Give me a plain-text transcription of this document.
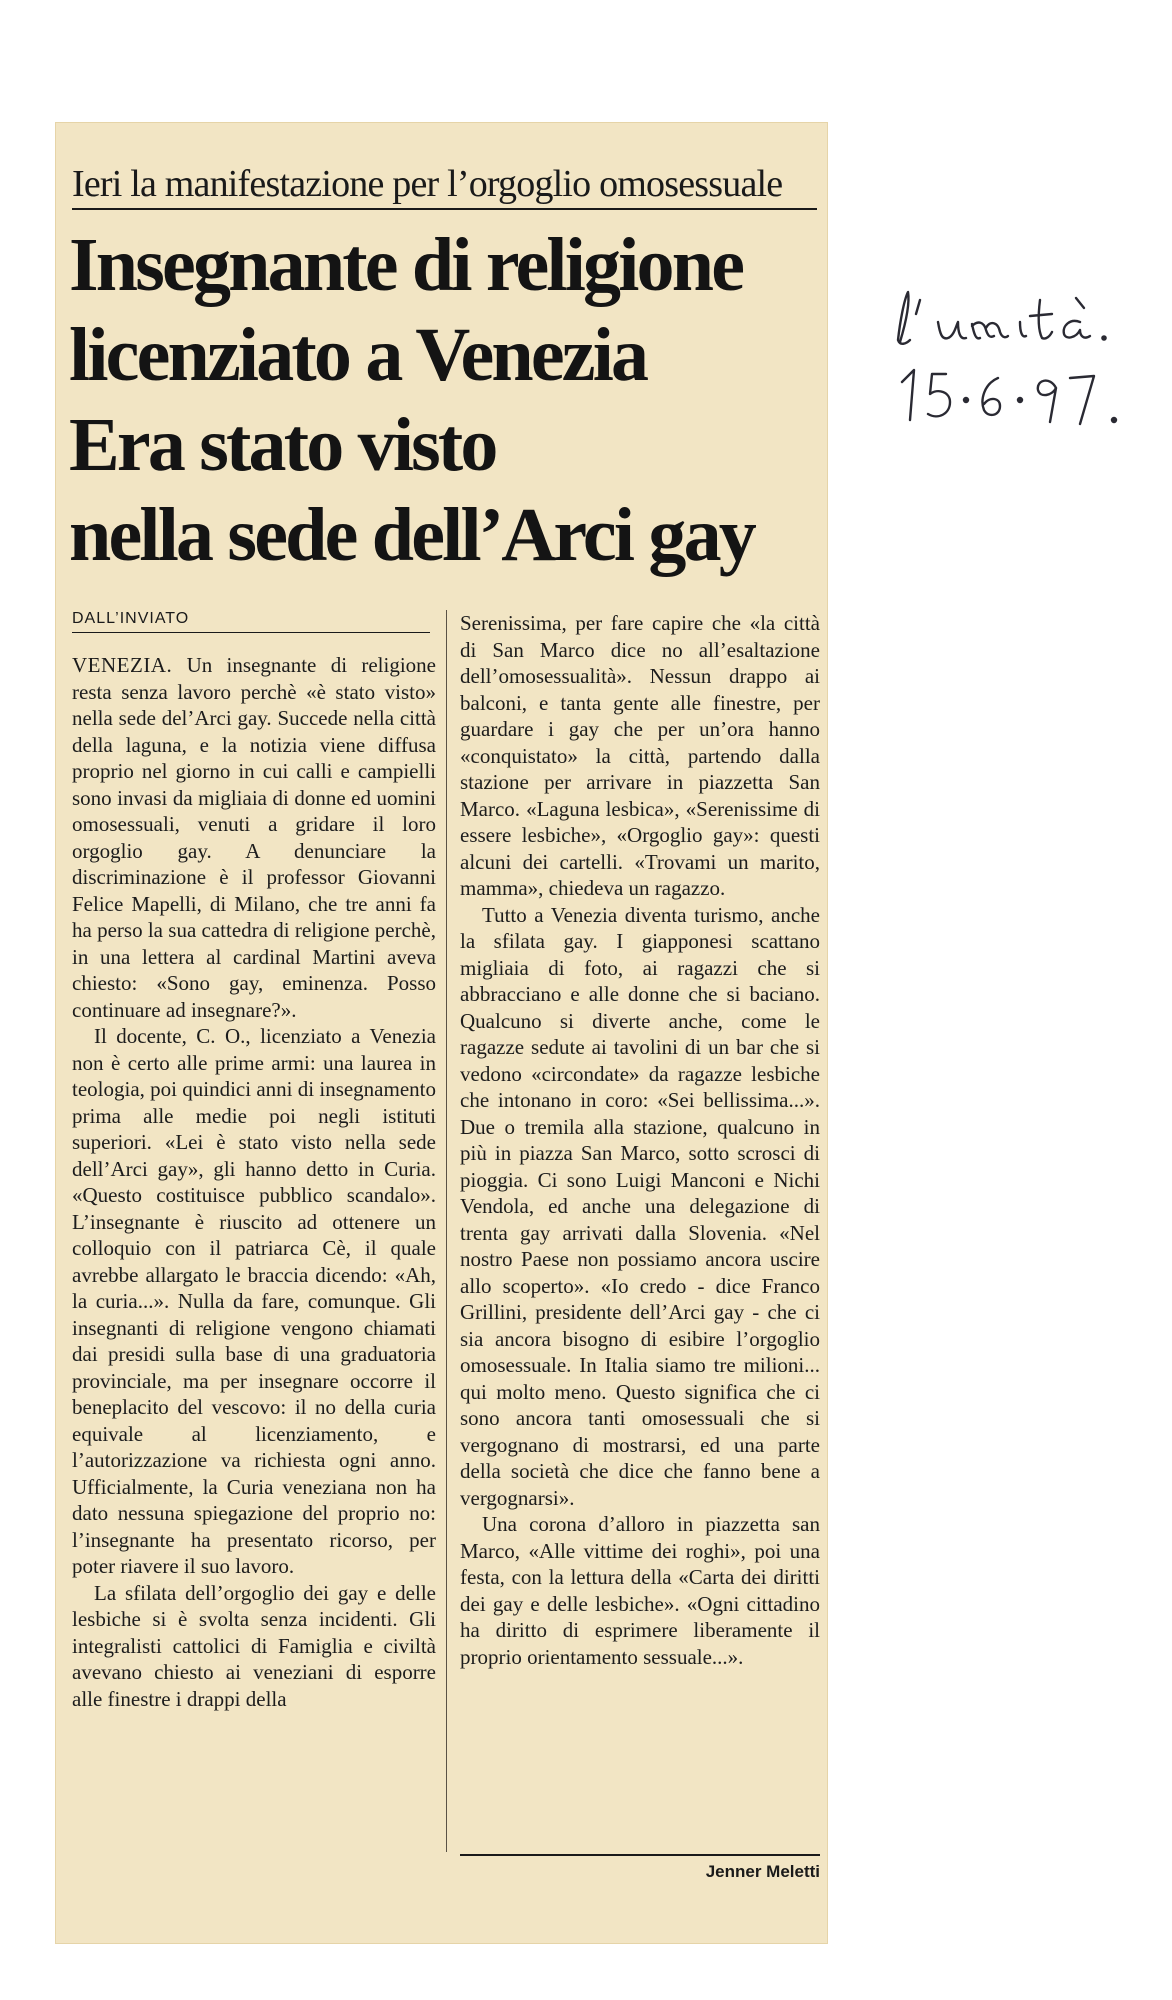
Ieri la manifestazione per l’orgoglio omosessuale
Insegnante di religione
licenziato a Venezia
Era stato visto
nella sede dell’Arci gay
DALL’INVIATO

VENEZIA. Un insegnante di religione resta senza lavoro perchè «è stato visto» nella sede del’Arci gay. Succede nella città della laguna, e la notizia viene diffusa proprio nel giorno in cui calli e campielli sono invasi da migliaia di donne ed uomini omosessuali, venuti a gridare il loro orgoglio gay. A denunciare la discriminazione è il professor Giovanni Felice Mapelli, di Milano, che tre anni fa ha perso la sua cattedra di religione perchè, in una lettera al cardinal Martini aveva chiesto: «Sono gay, eminenza. Posso continuare ad insegnare?».

Il docente, C. O., licenziato a Venezia non è certo alle prime armi: una laurea in teologia, poi quindici anni di insegnamento prima alle medie poi negli istituti superiori. «Lei è stato visto nella sede dell’Arci gay», gli hanno detto in Curia. «Questo costituisce pubblico scandalo». L’insegnante è riuscito ad ottenere un colloquio con il patriarca Cè, il quale avrebbe allargato le braccia dicendo: «Ah, la curia...». Nulla da fare, comunque. Gli insegnanti di religione vengono chiamati dai presidi sulla base di una graduatoria provinciale, ma per insegnare occorre il beneplacito del vescovo: il no della curia equivale al licenziamento, e l’autorizzazione va richiesta ogni anno. Ufficialmente, la Curia veneziana non ha dato nessuna spiegazione del proprio no: l’insegnante ha presentato ricorso, per poter riavere il suo lavoro.

La sfilata dell’orgoglio dei gay e delle lesbiche si è svolta senza incidenti. Gli integralisti cattolici di Famiglia e civiltà avevano chiesto ai veneziani di esporre alle finestre i drappi della

Serenissima, per fare capire che «la città di San Marco dice no all’esaltazione dell’omosessualità». Nessun drappo ai balconi, e tanta gente alle finestre, per guardare i gay che per un’ora hanno «conquistato» la città, partendo dalla stazione per arrivare in piazzetta San Marco. «Laguna lesbica», «Serenissime di essere lesbiche», «Orgoglio gay»: questi alcuni dei cartelli. «Trovami un marito, mamma», chiedeva un ragazzo.

Tutto a Venezia diventa turismo, anche la sfilata gay. I giapponesi scattano migliaia di foto, ai ragazzi che si abbracciano e alle donne che si baciano. Qualcuno si diverte anche, come le ragazze sedute ai tavolini di un bar che si vedono «circondate» da ragazze lesbiche che intonano in coro: «Sei bellissima...». Due o tremila alla stazione, qualcuno in più in piazza San Marco, sotto scrosci di pioggia. Ci sono Luigi Manconi e Nichi Vendola, ed anche una delegazione di trenta gay arrivati dalla Slovenia. «Nel nostro Paese non possiamo ancora uscire allo scoperto». «Io credo - dice Franco Grillini, presidente dell’Arci gay - che ci sia ancora bisogno di esibire l’orgoglio omosessuale. In Italia siamo tre milioni... qui molto meno. Questo significa che ci sono ancora tanti omosessuali che si vergognano di mostrarsi, ed una parte della società che dice che fanno bene a vergognarsi».

Una corona d’alloro in piazzetta san Marco, «Alle vittime dei roghi», poi una festa, con la lettura della «Carta dei diritti dei gay e delle lesbiche». «Ogni cittadino ha diritto di esprimere liberamente il proprio orientamento sessuale...».

Jenner Meletti
